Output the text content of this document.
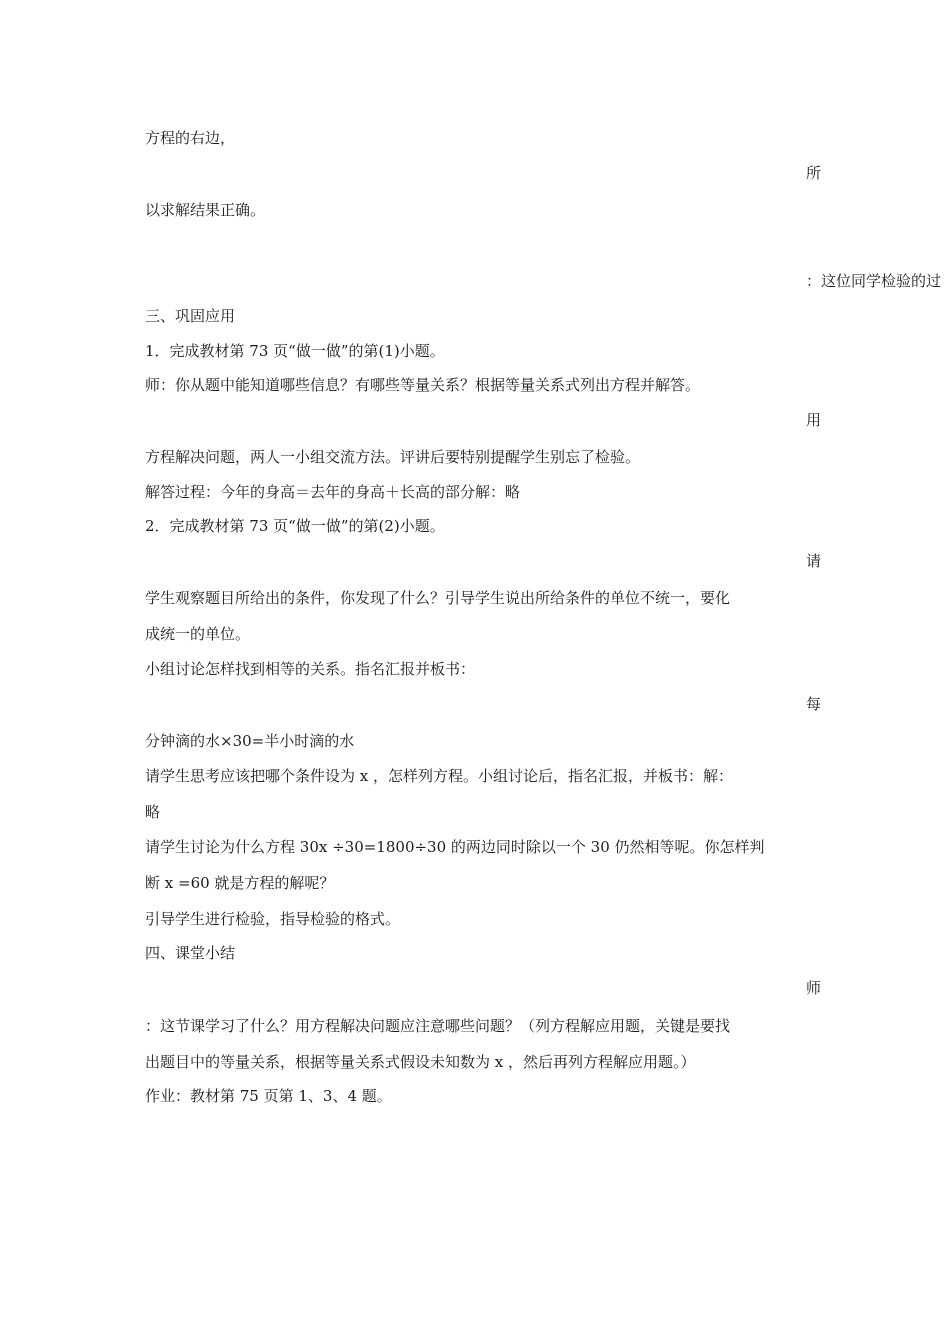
方程的右边，

所

以求解结果正确。

：这位同学检验的过

三、巩固应用

1．完成教材第 73 页“做一做”的第(1)小题。

师：你从题中能知道哪些信息？有哪些等量关系？根据等量关系式列出方程并解答。

用

方程解决问题，两人一小组交流方法。评讲后要特别提醒学生别忘了检验。

解答过程：今年的身高＝去年的身高＋长高的部分解：略

2．完成教材第 73 页“做一做”的第(2)小题。

请

学生观察题目所给出的条件，你发现了什么？引导学生说出所给条件的单位不统一，要化

成统一的单位。

小组讨论怎样找到相等的关系。指名汇报并板书：

每

分钟滴的水×30=半小时滴的水

请学生思考应该把哪个条件设为 x ，怎样列方程。小组讨论后，指名汇报，并板书：解：

略

请学生讨论为什么方程 30x ÷30=1800÷30 的两边同时除以一个 30 仍然相等呢。你怎样判

断 x =60 就是方程的解呢？

引导学生进行检验，指导检验的格式。

四、课堂小结

师

：这节课学习了什么？用方程解决问题应注意哪些问题？（列方程解应用题，关键是要找

出题目中的等量关系，根据等量关系式假设未知数为 x ，然后再列方程解应用题。）

作业：教材第 75 页第 1、3、4 题。
